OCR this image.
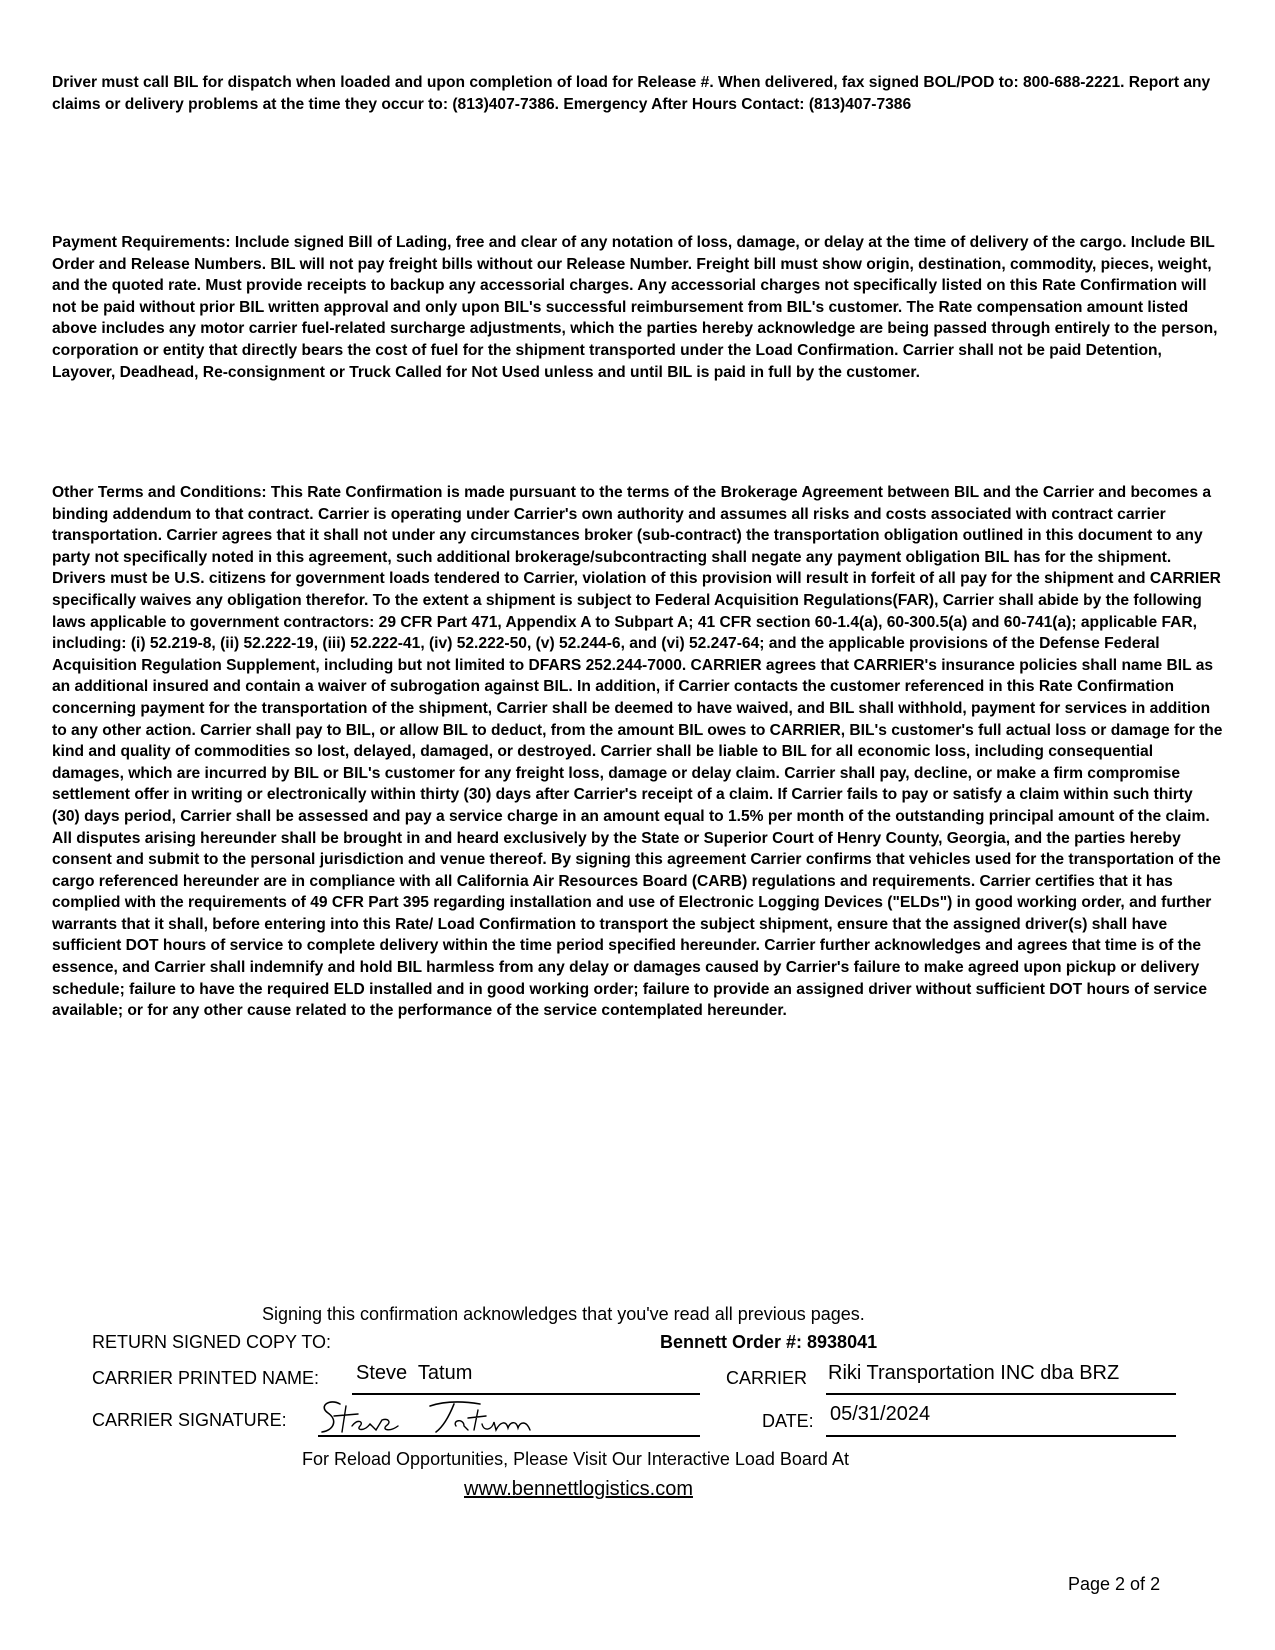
Driver must call BIL for dispatch when loaded and upon completion of load for Release #. When delivered, fax signed BOL/POD to: 800-688-2221. Report any claims or delivery problems at the time they occur to: (813)407-7386. Emergency After Hours Contact: (813)407-7386

Payment Requirements: Include signed Bill of Lading, free and clear of any notation of loss, damage, or delay at the time of delivery of the cargo. Include BIL Order and Release Numbers. BIL will not pay freight bills without our Release Number. Freight bill must show origin, destination, commodity, pieces, weight, and the quoted rate. Must provide receipts to backup any accessorial charges. Any accessorial charges not specifically listed on this Rate Confirmation will not be paid without prior BIL written approval and only upon BIL's successful reimbursement from BIL's customer. The Rate compensation amount listed above includes any motor carrier fuel-related surcharge adjustments, which the parties hereby acknowledge are being passed through entirely to the person, corporation or entity that directly bears the cost of fuel for the shipment transported under the Load Confirmation. Carrier shall not be paid Detention, Layover, Deadhead, Re-consignment or Truck Called for Not Used unless and until BIL is paid in full by the customer.

Other Terms and Conditions: This Rate Confirmation is made pursuant to the terms of the Brokerage Agreement between BIL and the Carrier and becomes a binding addendum to that contract. Carrier is operating under Carrier's own authority and assumes all risks and costs associated with contract carrier transportation. Carrier agrees that it shall not under any circumstances broker (sub-contract) the transportation obligation outlined in this document to any party not specifically noted in this agreement, such additional brokerage/subcontracting shall negate any payment obligation BIL has for the shipment. Drivers must be U.S. citizens for government loads tendered to Carrier, violation of this provision will result in forfeit of all pay for the shipment and CARRIER specifically waives any obligation therefor. To the extent a shipment is subject to Federal Acquisition Regulations(FAR), Carrier shall abide by the following laws applicable to government contractors: 29 CFR Part 471, Appendix A to Subpart A; 41 CFR section 60-1.4(a), 60-300.5(a) and 60-741(a); applicable FAR, including: (i) 52.219-8, (ii) 52.222-19, (iii) 52.222-41, (iv) 52.222-50, (v) 52.244-6, and (vi) 52.247-64; and the applicable provisions of the Defense Federal Acquisition Regulation Supplement, including but not limited to DFARS 252.244-7000. CARRIER agrees that CARRIER's insurance policies shall name BIL as an additional insured and contain a waiver of subrogation against BIL. In addition, if Carrier contacts the customer referenced in this Rate Confirmation concerning payment for the transportation of the shipment, Carrier shall be deemed to have waived, and BIL shall withhold, payment for services in addition to any other action. Carrier shall pay to BIL, or allow BIL to deduct, from the amount BIL owes to CARRIER, BIL's customer's full actual loss or damage for the kind and quality of commodities so lost, delayed, damaged, or destroyed. Carrier shall be liable to BIL for all economic loss, including consequential damages, which are incurred by BIL or BIL's customer for any freight loss, damage or delay claim. Carrier shall pay, decline, or make a firm compromise settlement offer in writing or electronically within thirty (30) days after Carrier's receipt of a claim. If Carrier fails to pay or satisfy a claim within such thirty (30) days period, Carrier shall be assessed and pay a service charge in an amount equal to 1.5% per month of the outstanding principal amount of the claim. All disputes arising hereunder shall be brought in and heard exclusively by the State or Superior Court of Henry County, Georgia, and the parties hereby consent and submit to the personal jurisdiction and venue thereof. By signing this agreement Carrier confirms that vehicles used for the transportation of the cargo referenced hereunder are in compliance with all California Air Resources Board (CARB) regulations and requirements. Carrier certifies that it has complied with the requirements of 49 CFR Part 395 regarding installation and use of Electronic Logging Devices ("ELDs") in good working order, and further warrants that it shall, before entering into this Rate/ Load Confirmation to transport the subject shipment, ensure that the assigned driver(s) shall have sufficient DOT hours of service to complete delivery within the time period specified hereunder. Carrier further acknowledges and agrees that time is of the essence, and Carrier shall indemnify and hold BIL harmless from any delay or damages caused by Carrier's failure to make agreed upon pickup or delivery schedule; failure to have the required ELD installed and in good working order; failure to provide an assigned driver without sufficient DOT hours of service available; or for any other cause related to the performance of the service contemplated hereunder.

Signing this confirmation acknowledges that you've read all previous pages.
RETURN SIGNED COPY TO:	Bennett Order #: 8938041
CARRIER PRINTED NAME: Steve  Tatum	CARRIER Riki Transportation INC dba BRZ
CARRIER SIGNATURE:	DATE: 05/31/2024
For Reload Opportunities, Please Visit Our Interactive Load Board At
www.bennettlogistics.com
Page 2 of 2
